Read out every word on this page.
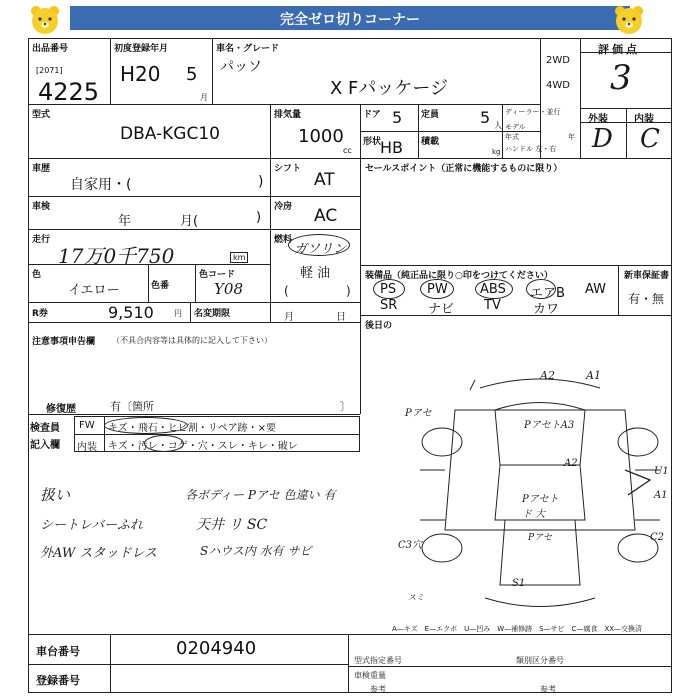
完全ゼロ切りコーナー
出品番号
[2071]
4225
初度登録年月
H20 5
月
車名・グレード
パッソ
X Fパッケージ
2WD
4WD
評価点
3
外装	内装
D C
型式
DBA-KGC10
排気量
1000
cc
ドア 5 定員	5 人
ディーラー・並行
形状
HB 積載
kg
モデル
年式	年
ハンドル 左・右
車歴
自家用・(	)
シフト
AT
車検
年	月(	)
冷房 AC
走行
17万0千750	km
燃料
ガソリン
軽 油
(	)
色
イエロー	色番
色コード
Y08
R券	9,510	円 名変期限	月	日
セールスポイント（正常に機能するものに限り）
装備品（純正品に限り○印をつけてください）	新車保証書
有・無
PS PW ABS エアB AW
SR ナビ TV カワ
後日の
注意事項申告欄 （不具合内容等は具体的に記入して下さい）
修復歴	有〔箇所	〕
検査員
記入欄
FW キズ・飛石・ヒビ割・リペア跡・×要
内装 キズ・汚レ・コゲ・穴・スレ・キレ・破レ
扱い
シートレバーふれ
外AW スタッドレス
各ボディー Pアセ 色違い 有
天井 リ SC
Sハウス内 水有 サビ
A2	A1
Pアセ
PアセトA3
A2
Pアセトド 大
U1
A1
C3穴
Pアセ	C2
S1
スミ
車台番号	0204940
登録番号
A—キズ　E—エクボ　U—凹み　W—補修跡　S—サビ　C—腐食　XX—交換済
型式指定番号	類別区分番号
車検重量
参考	参考
